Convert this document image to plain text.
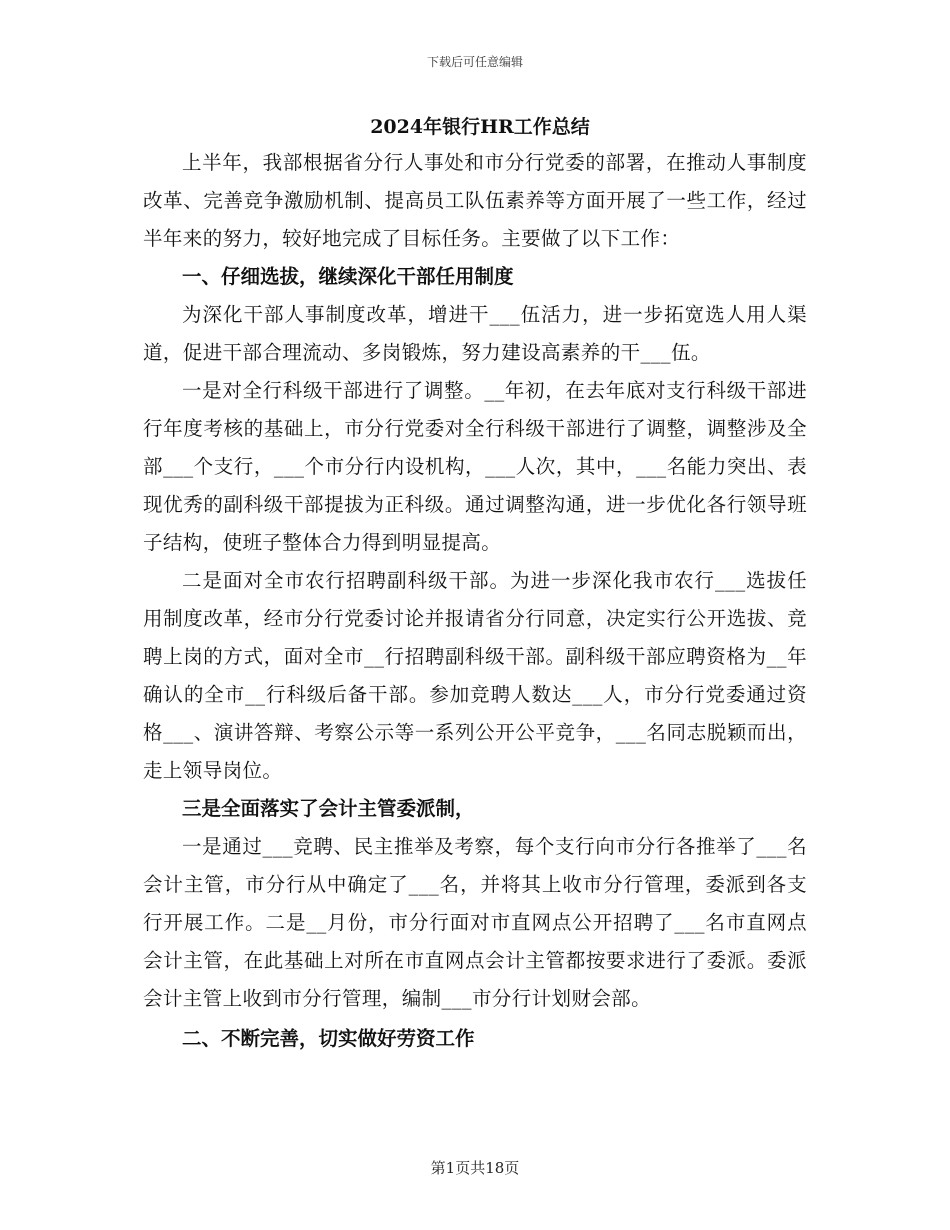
下载后可任意编辑
2024年银行HR工作总结

上半年，我部根据省分行人事处和市分行党委的部署，在推动人事制度改革、完善竞争激励机制、提高员工队伍素养等方面开展了一些工作，经过半年来的努力，较好地完成了目标任务。主要做了以下工作：

一、仔细选拔，继续深化干部任用制度

为深化干部人事制度改革，增进干___伍活力，进一步拓宽选人用人渠道，促进干部合理流动、多岗锻炼，努力建设高素养的干___伍。

一是对全行科级干部进行了调整。__年初，在去年底对支行科级干部进行年度考核的基础上，市分行党委对全行科级干部进行了调整，调整涉及全部___个支行，___个市分行内设机构，___人次，其中，___名能力突出、表现优秀的副科级干部提拔为正科级。通过调整沟通，进一步优化各行领导班子结构，使班子整体合力得到明显提高。

二是面对全市农行招聘副科级干部。为进一步深化我市农行___选拔任用制度改革，经市分行党委讨论并报请省分行同意，决定实行公开选拔、竞聘上岗的方式，面对全市__行招聘副科级干部。副科级干部应聘资格为__年确认的全市__行科级后备干部。参加竞聘人数达___人，市分行党委通过资格___、演讲答辩、考察公示等一系列公开公平竞争，___名同志脱颖而出，走上领导岗位。

三是全面落实了会计主管委派制，

一是通过___竞聘、民主推举及考察，每个支行向市分行各推举了___名会计主管，市分行从中确定了___名，并将其上收市分行管理，委派到各支行开展工作。二是__月份，市分行面对市直网点公开招聘了___名市直网点会计主管，在此基础上对所在市直网点会计主管都按要求进行了委派。委派会计主管上收到市分行管理，编制___市分行计划财会部。

二、不断完善，切实做好劳资工作

第1页共18页
